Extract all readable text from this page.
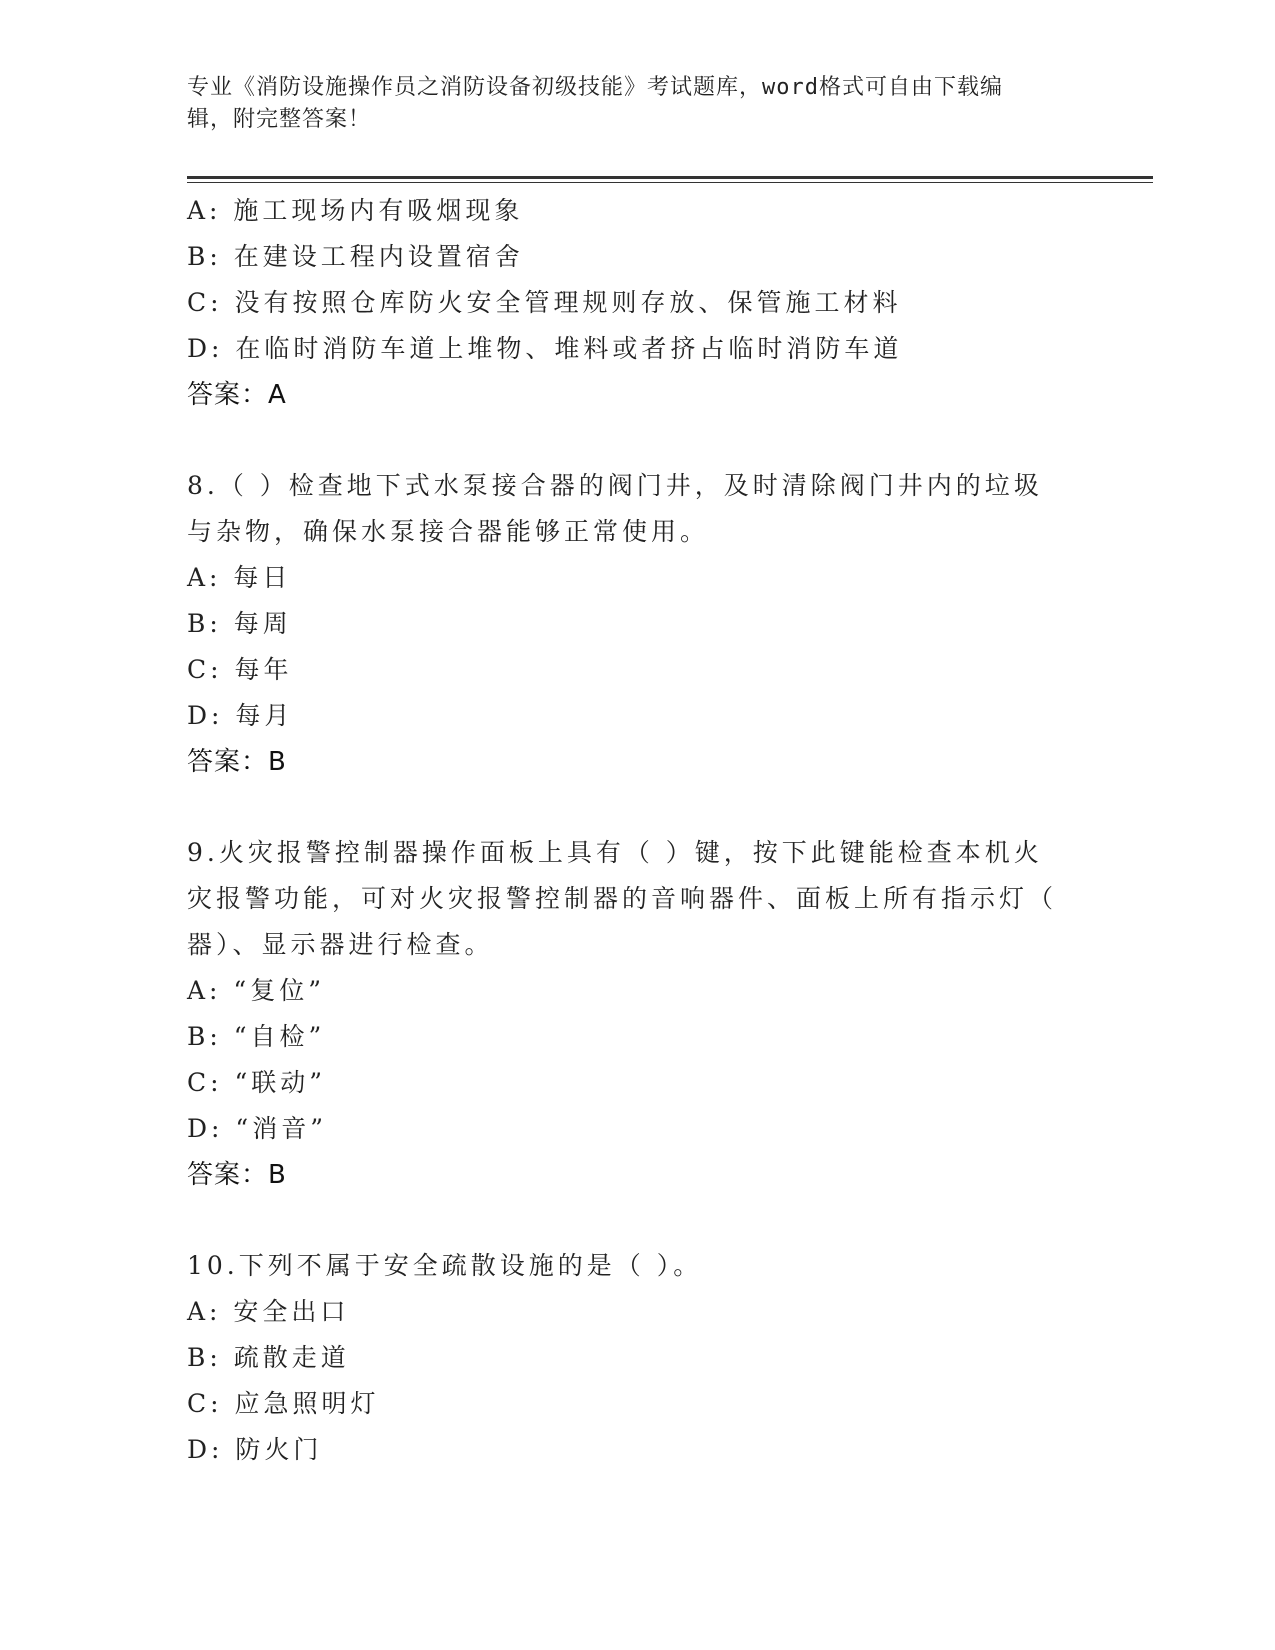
专业《消防设施操作员之消防设备初级技能》考试题库，word格式可自由下载编
辑，附完整答案！
A: 施工现场内有吸烟现象
B: 在建设工程内设置宿舍
C: 没有按照仓库防火安全管理规则存放、保管施工材料
D: 在临时消防车道上堆物、堆料或者挤占临时消防车道
答案：A
8.（ ）检查地下式水泵接合器的阀门井，及时清除阀门井内的垃圾
与杂物，确保水泵接合器能够正常使用。
A: 每日
B: 每周
C: 每年
D: 每月
答案：B
9.火灾报警控制器操作面板上具有（ ）键，按下此键能检查本机火
灾报警功能，可对火灾报警控制器的音响器件、面板上所有指示灯（
器）、显示器进行检查。
A: “复位”
B: “自检”
C: “联动”
D: “消音”
答案：B
10.下列不属于安全疏散设施的是（ ）。
A: 安全出口
B: 疏散走道
C: 应急照明灯
D: 防火门
